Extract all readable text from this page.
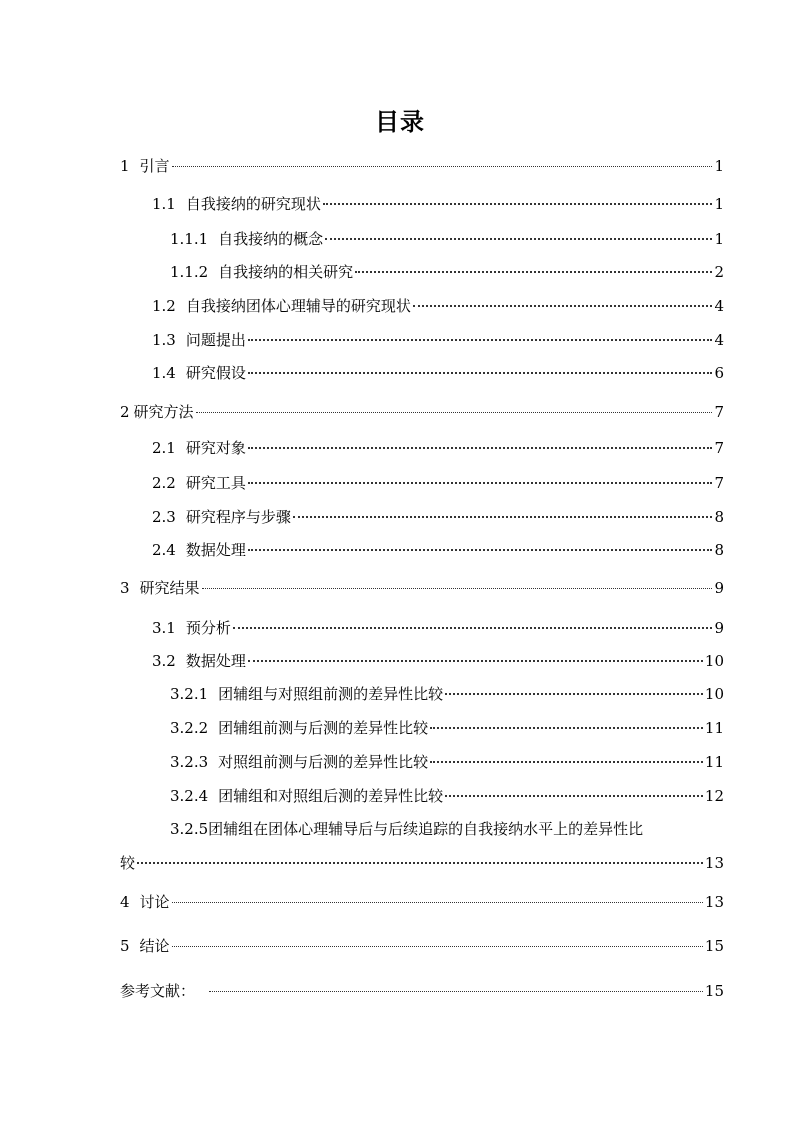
目录
1 引言	1
1.1 自我接纳的研究现状	1
1.1.1 自我接纳的概念	1
1.1.2 自我接纳的相关研究	2
1.2 自我接纳团体心理辅导的研究现状	4
1.3 问题提出	4
1.4 研究假设	6
2 研究方法	7
2.1 研究对象	7
2.2 研究工具	7
2.3 研究程序与步骤	8
2.4 数据处理	8
3 研究结果	9
3.1 预分析	9
3.2 数据处理	10
3.2.1 团辅组与对照组前测的差异性比较	10
3.2.2 团辅组前测与后测的差异性比较	11
3.2.3 对照组前测与后测的差异性比较	11
3.2.4 团辅组和对照组后测的差异性比较	12
3.2.5团辅组在团体心理辅导后与后续追踪的自我接纳水平上的差异性比
较	13
4 讨论	13
5 结论	15
参考文献：	15
